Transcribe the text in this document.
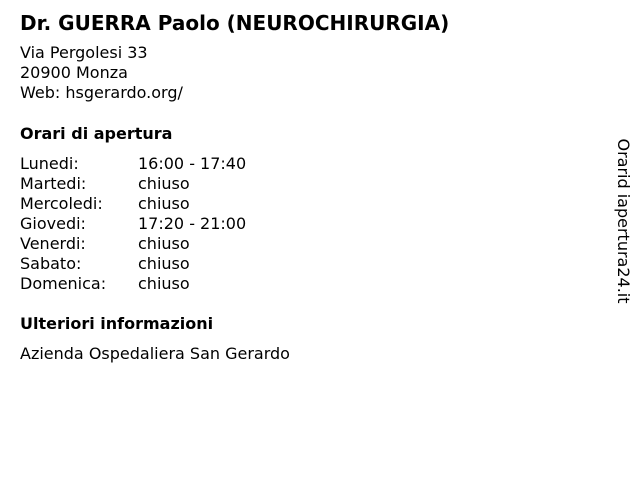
Dr. GUERRA Paolo (NEUROCHIRURGIA)
Via Pergolesi 33
20900 Monza
Web: hsgerardo.org/
Orari di apertura
Lunedi:	16:00 - 17:40
Martedi:	chiuso
Mercoledi:	chiuso
Giovedi:	17:20 - 21:00
Venerdi:	chiuso
Sabato:	chiuso
Domenica:	chiuso
Ulteriori informazioni
Azienda Ospedaliera San Gerardo
Orarid iapertura24.it
